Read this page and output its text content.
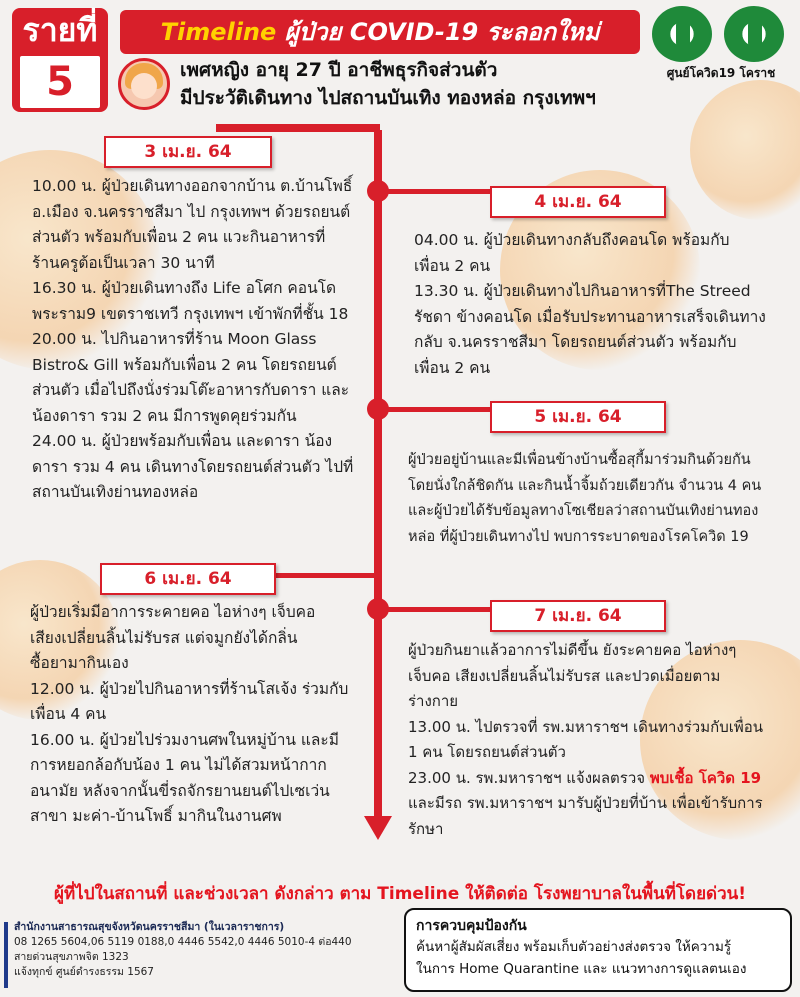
รายที่
5
Timeline ผู้ป่วย COVID-19 ระลอกใหม่
ศูนย์โควิด19 โคราช
เพศหญิง อายุ 27 ปี อาชีพธุรกิจส่วนตัว
มีประวัติเดินทาง ไปสถานบันเทิง ทองหล่อ กรุงเทพฯ
3 เม.ย. 64
4 เม.ย. 64
5 เม.ย. 64
6 เม.ย. 64
7 เม.ย. 64

10.00 น. ผู้ป่วยเดินทางออกจากบ้าน ต.บ้านโพธิ์

อ.เมือง จ.นครราชสีมา ไป กรุงเทพฯ ด้วยรถยนต์

ส่วนตัว พร้อมกับเพื่อน 2 คน แวะกินอาหารที่

ร้านครูต้อเป็นเวลา 30 นาที

16.30 น. ผู้ป่วยเดินทางถึง Life อโศก คอนโด

พระราม9 เขตราชเทวี กรุงเทพฯ เข้าพักที่ชั้น 18

20.00 น. ไปกินอาหารที่ร้าน Moon Glass

Bistro& Gill พร้อมกับเพื่อน 2 คน โดยรถยนต์

ส่วนตัว เมื่อไปถึงนั่งร่วมโต๊ะอาหารกับดารา และ

น้องดารา รวม 2 คน มีการพูดคุยร่วมกัน

24.00 น. ผู้ป่วยพร้อมกับเพื่อน และดารา น้อง

ดารา รวม 4 คน เดินทางโดยรถยนต์ส่วนตัว ไปที่

สถานบันเทิงย่านทองหล่อ

04.00 น. ผู้ป่วยเดินทางกลับถึงคอนโด พร้อมกับ

เพื่อน 2 คน

13.30 น. ผู้ป่วยเดินทางไปกินอาหารที่The Streed

รัชดา ข้างคอนโด เมื่อรับประทานอาหารเสร็จเดินทาง

กลับ จ.นครราชสีมา โดยรถยนต์ส่วนตัว พร้อมกับ

เพื่อน 2 คน

ผู้ป่วยอยู่บ้านและมีเพื่อนข้างบ้านซื้อสุกี้มาร่วมกินด้วยกัน

โดยนั่งใกล้ชิดกัน และกินน้ำจิ้มถ้วยเดียวกัน จำนวน 4 คน

และผู้ป่วยได้รับข้อมูลทางโซเชียลว่าสถานบันเทิงย่านทอง

หล่อ ที่ผู้ป่วยเดินทางไป พบการระบาดของโรคโควิด 19

ผู้ป่วยเริ่มมีอาการระคายคอ ไอห่างๆ เจ็บคอ

เสียงเปลี่ยนลิ้นไม่รับรส แต่จมูกยังได้กลิ่น

ซื้อยามากินเอง

12.00 น. ผู้ป่วยไปกินอาหารที่ร้านโสเจ้ง ร่วมกับ

เพื่อน 4 คน

16.00 น. ผู้ป่วยไปร่วมงานศพในหมู่บ้าน และมี

การหยอกล้อกับน้อง 1 คน ไม่ได้สวมหน้ากาก

อนามัย หลังจากนั้นขี่รถจักรยานยนต์ไปเซเว่น

สาขา มะค่า-บ้านโพธิ์ มากินในงานศพ

ผู้ป่วยกินยาแล้วอาการไม่ดีขึ้น ยังระคายคอ ไอห่างๆ

เจ็บคอ เสียงเปลี่ยนลิ้นไม่รับรส และปวดเมื่อยตาม

ร่างกาย

13.00 น. ไปตรวจที่ รพ.มหาราชฯ เดินทางร่วมกับเพื่อน

1 คน โดยรถยนต์ส่วนตัว

23.00 น. รพ.มหาราชฯ แจ้งผลตรวจ พบเชื้อ โควิด 19

และมีรถ รพ.มหาราชฯ มารับผู้ป่วยที่บ้าน เพื่อเข้ารับการ

รักษา

ผู้ที่ไปในสถานที่ และช่วงเวลา ดังกล่าว ตาม Timeline ให้ติดต่อ โรงพยาบาลในพื้นที่โดยด่วน!
สำนักงานสาธารณสุขจังหวัดนครราชสีมา (ในเวลาราชการ)
08 1265 5604,06 5119 0188,0 4446 5542,0 4446 5010-4 ต่อ440
สายด่วนสุขภาพจิต 1323
แจ้งทุกข์ ศูนย์ดำรงธรรม 1567
การควบคุมป้องกัน
ค้นหาผู้สัมผัสเสี่ยง พร้อมเก็บตัวอย่างส่งตรวจ ให้ความรู้
ในการ Home Quarantine และ แนวทางการดูแลตนเอง
